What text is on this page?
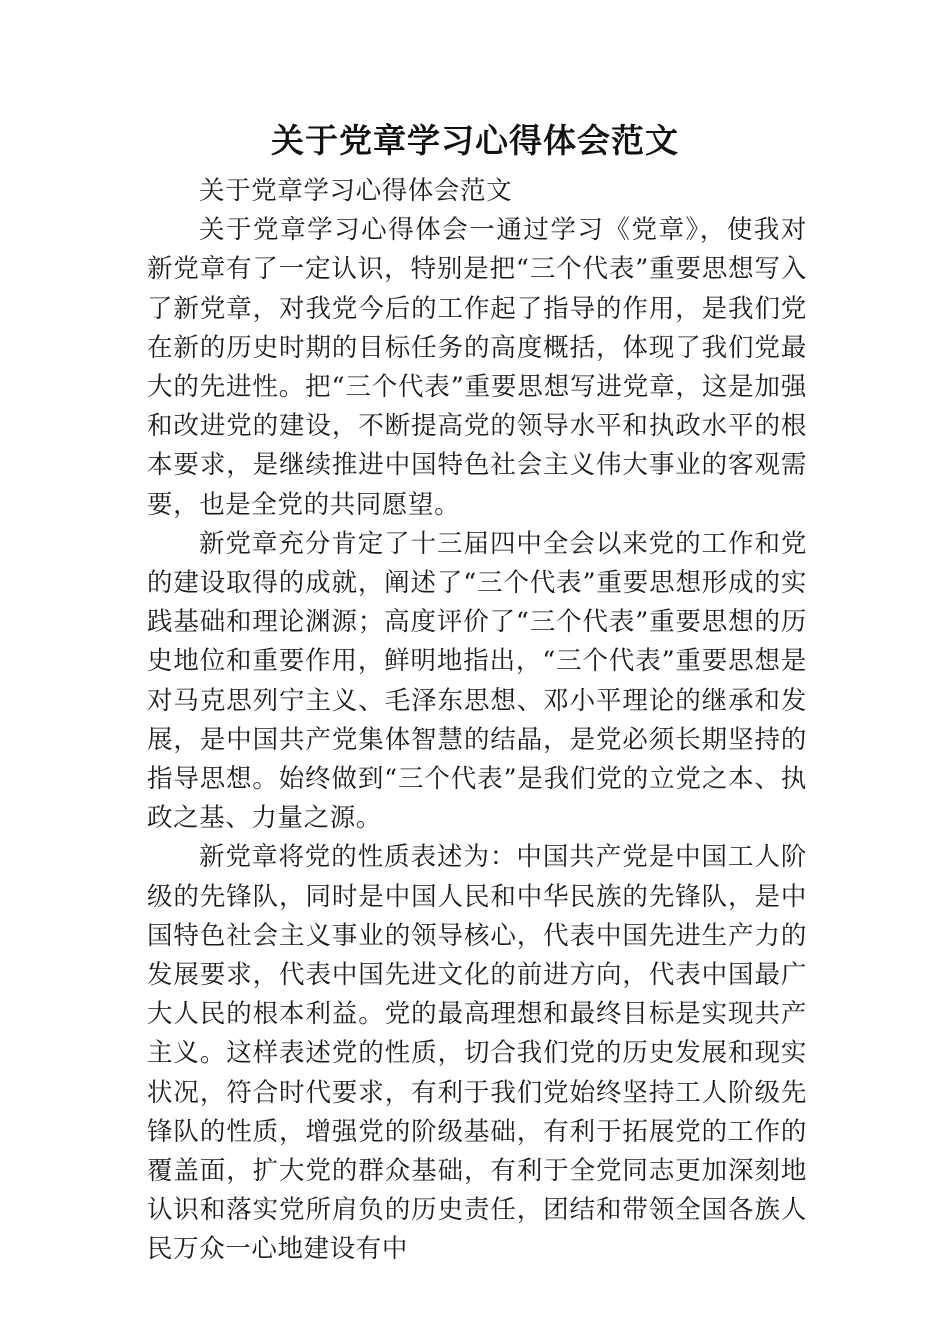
关于党章学习心得体会范文

关于党章学习心得体会范文

关于党章学习心得体会一通过学习《党章》，使我对新党章有了一定认识，特别是把“三个代表”重要思想写入了新党章，对我党今后的工作起了指导的作用，是我们党在新的历史时期的目标任务的高度概括，体现了我们党最大的先进性。把“三个代表”重要思想写进党章，这是加强和改进党的建设，不断提高党的领导水平和执政水平的根本要求，是继续推进中国特色社会主义伟大事业的客观需要，也是全党的共同愿望。

新党章充分肯定了十三届四中全会以来党的工作和党的建设取得的成就，阐述了“三个代表”重要思想形成的实践基础和理论渊源；高度评价了“三个代表”重要思想的历史地位和重要作用，鲜明地指出，“三个代表”重要思想是对马克思列宁主义、毛泽东思想、邓小平理论的继承和发展，是中国共产党集体智慧的结晶，是党必须长期坚持的指导思想。始终做到“三个代表”是我们党的立党之本、执政之基、力量之源。

新党章将党的性质表述为：中国共产党是中国工人阶级的先锋队，同时是中国人民和中华民族的先锋队，是中国特色社会主义事业的领导核心，代表中国先进生产力的发展要求，代表中国先进文化的前进方向，代表中国最广大人民的根本利益。党的最高理想和最终目标是实现共产主义。这样表述党的性质，切合我们党的历史发展和现实状况，符合时代要求，有利于我们党始终坚持工人阶级先锋队的性质，增强党的阶级基础，有利于拓展党的工作的覆盖面，扩大党的群众基础，有利于全党同志更加深刻地认识和落实党所肩负的历史责任，团结和带领全国各族人民万众一心地建设有中
